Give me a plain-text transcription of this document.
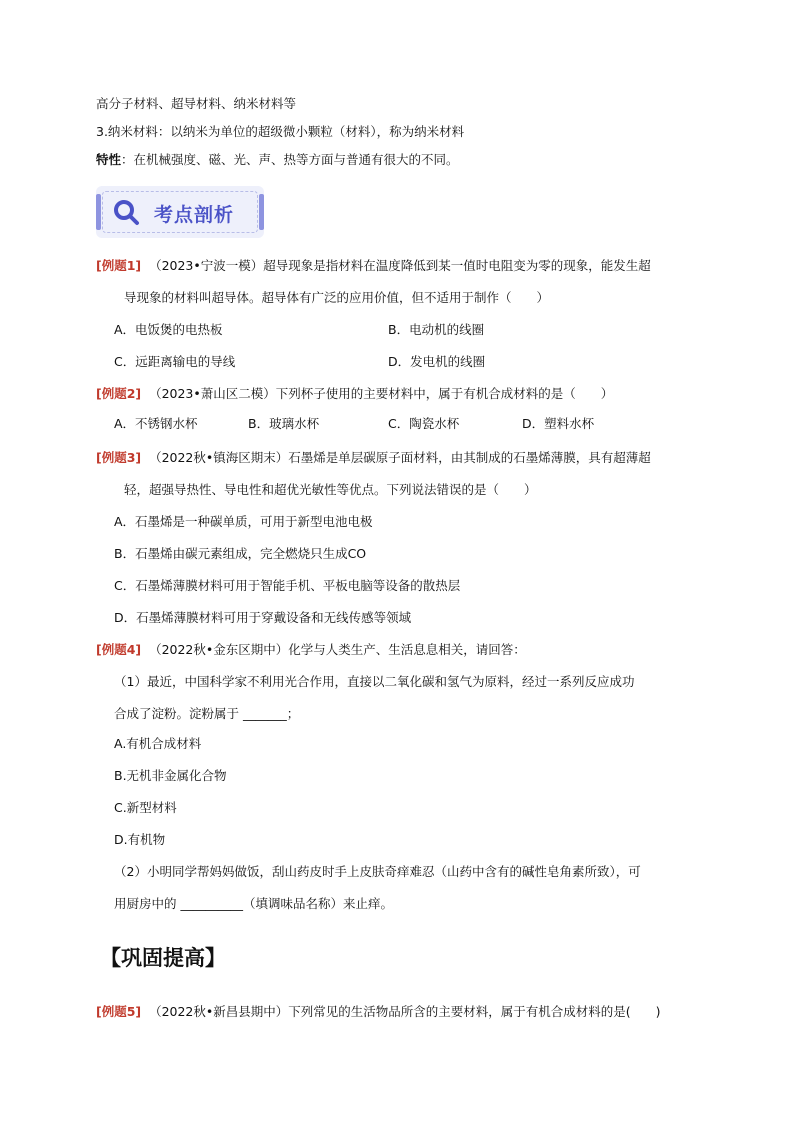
高分子材料、超导材料、纳米材料等
3.纳米材料：以纳米为单位的超级微小颗粒（材料），称为纳米材料
特性：在机械强度、磁、光、声、热等方面与普通有很大的不同。
考点剖析
[例题1] （2023•宁波一模）超导现象是指材料在温度降低到某一值时电阻变为零的现象，能发生超
导现象的材料叫超导体。超导体有广泛的应用价值，但不适用于制作（　　）
A．电饭煲的电热板	B．电动机的线圈
C．远距离输电的导线	D．发电机的线圈
[例题2] （2023•萧山区二模）下列杯子使用的主要材料中，属于有机合成材料的是（　　）
A．不锈钢水杯	B．玻璃水杯	C．陶瓷水杯	D．塑料水杯
[例题3] （2022秋•镇海区期末）石墨烯是单层碳原子面材料，由其制成的石墨烯薄膜，具有超薄超
轻，超强导热性、导电性和超优光敏性等优点。下列说法错误的是（　　）
A．石墨烯是一种碳单质，可用于新型电池电极
B．石墨烯由碳元素组成，完全燃烧只生成CO
C．石墨烯薄膜材料可用于智能手机、平板电脑等设备的散热层
D．石墨烯薄膜材料可用于穿戴设备和无线传感等领域
[例题4] （2022秋•金东区期中）化学与人类生产、生活息息相关，请回答：
（1）最近，中国科学家不利用光合作用，直接以二氧化碳和氢气为原料，经过一系列反应成功
合成了淀粉。淀粉属于 _______；
A.有机合成材料
B.无机非金属化合物
C.新型材料
D.有机物
（2）小明同学帮妈妈做饭，刮山药皮时手上皮肤奇痒难忍（山药中含有的碱性皂角素所致），可
用厨房中的 __________（填调味品名称）来止痒。
【巩固提高】
[例题5] （2022秋•新昌县期中）下列常见的生活物品所含的主要材料，属于有机合成材料的是(　　)
